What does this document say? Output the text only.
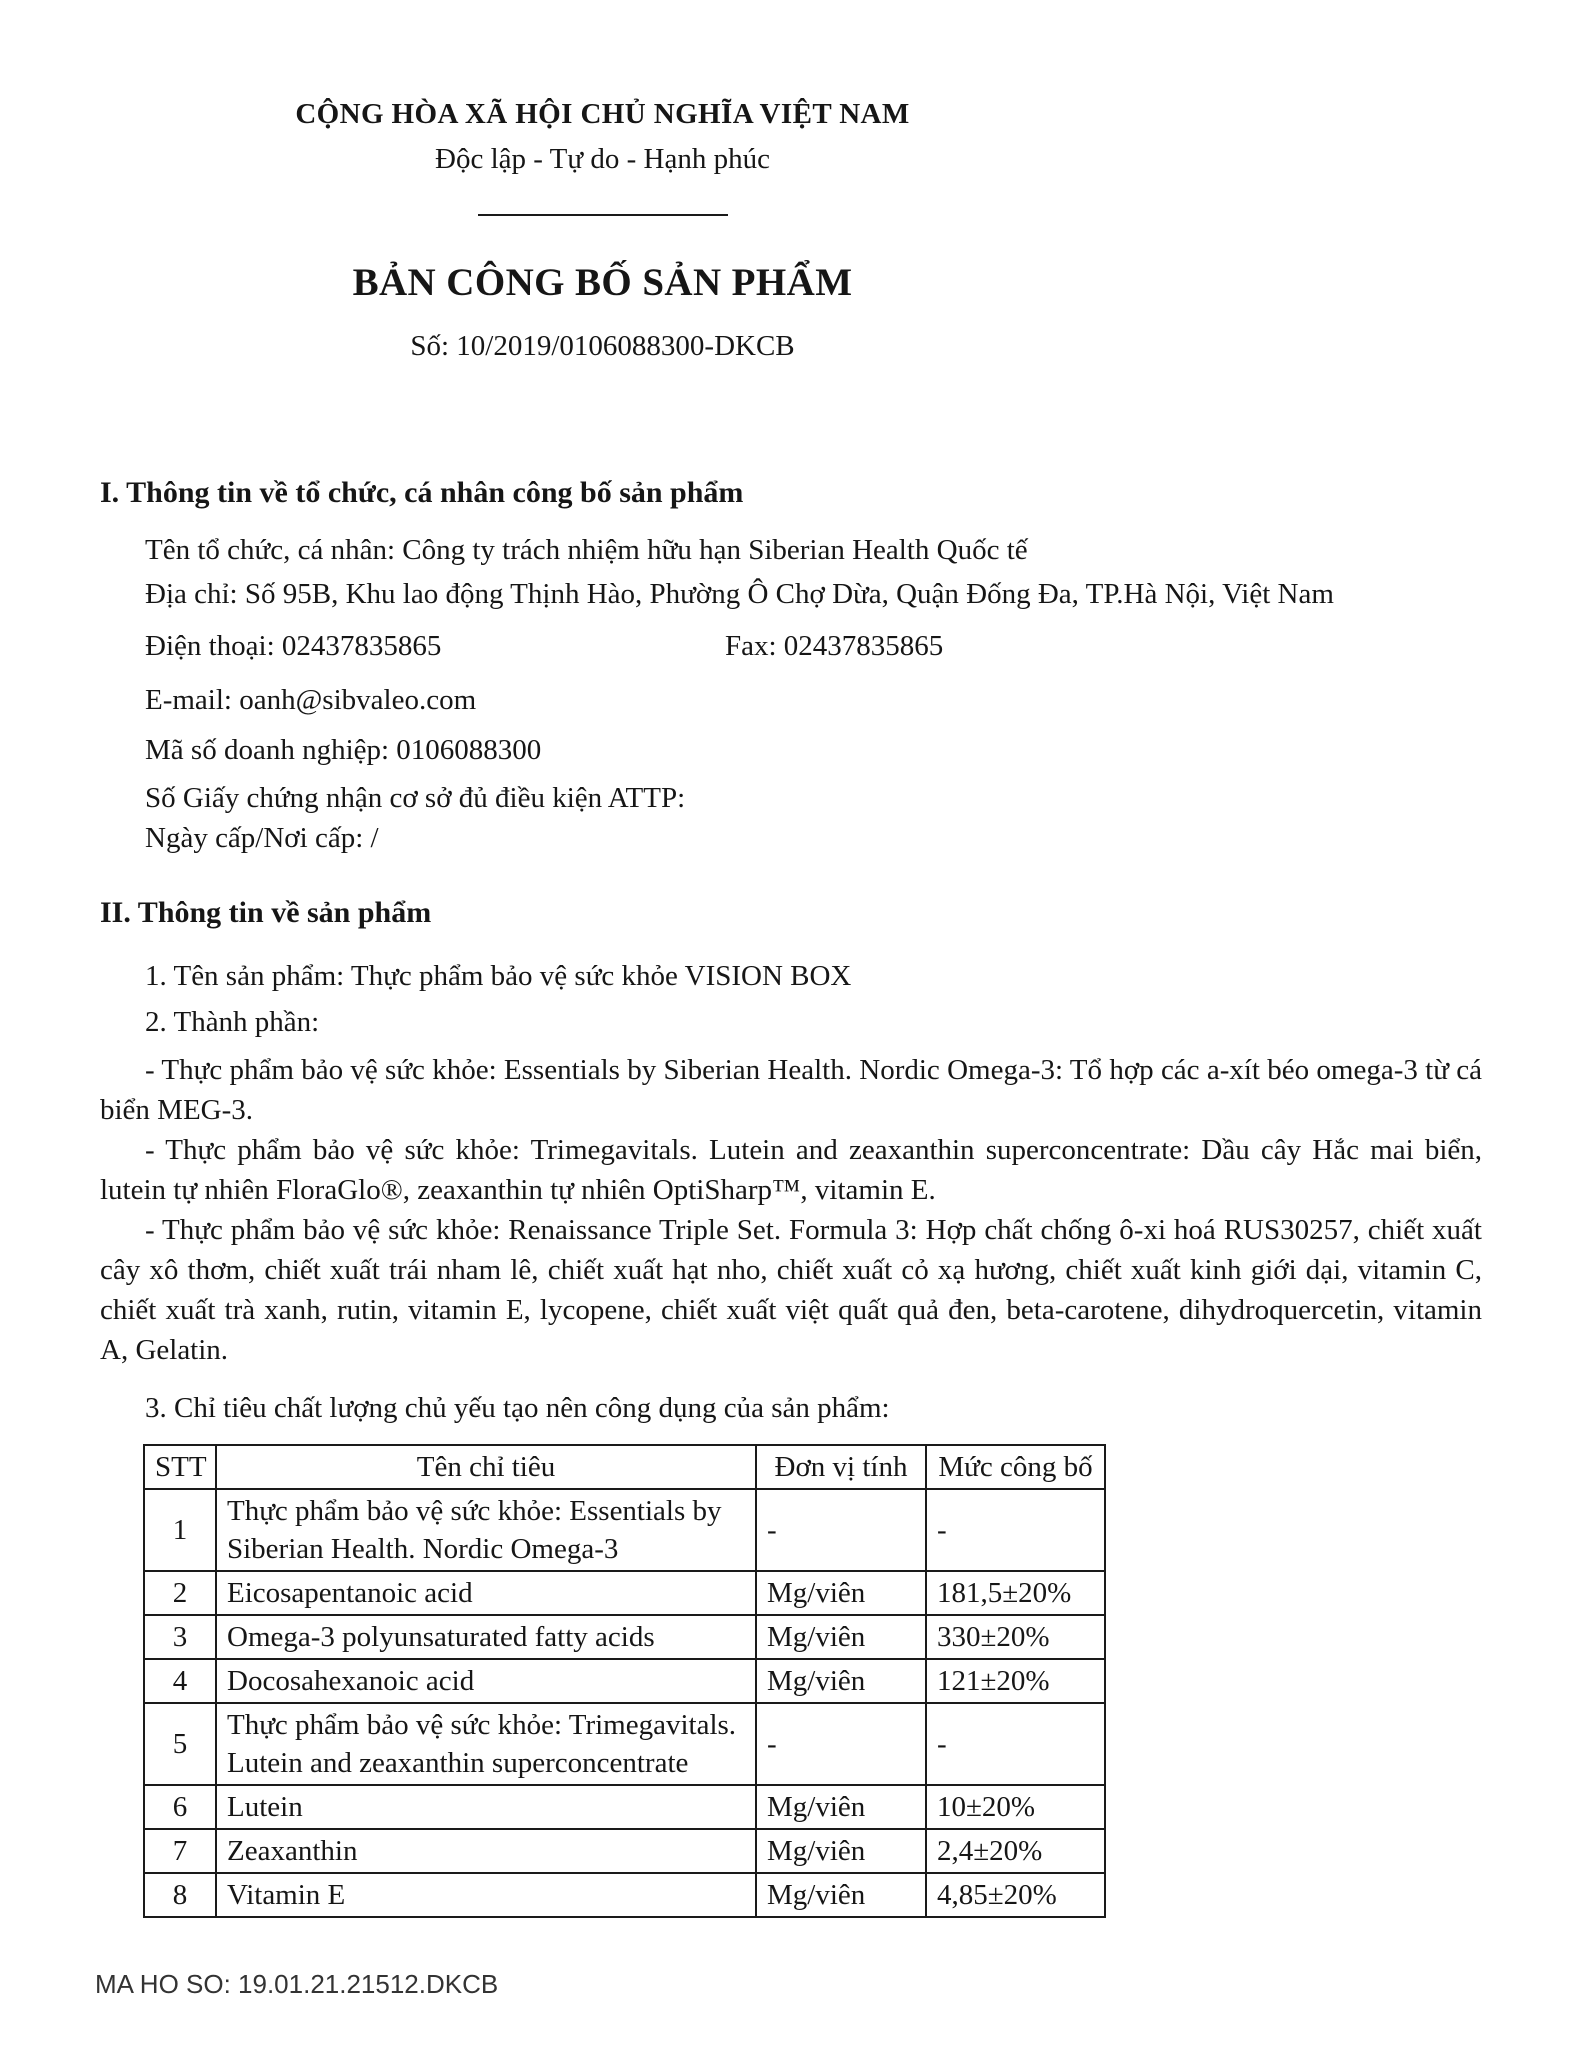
CỘNG HÒA XÃ HỘI CHỦ NGHĨA VIỆT NAM
Độc lập - Tự do - Hạnh phúc
BẢN CÔNG BỐ SẢN PHẨM
Số: 10/2019/0106088300-DKCB
I. Thông tin về tổ chức, cá nhân công bố sản phẩm

Tên tổ chức, cá nhân: Công ty trách nhiệm hữu hạn Siberian Health Quốc tế

Địa chỉ: Số 95B, Khu lao động Thịnh Hào, Phường Ô Chợ Dừa, Quận Đống Đa, TP.Hà Nội, Việt Nam

Điện thoại: 02437835865	Fax: 02437835865

E-mail: oanh@sibvaleo.com

Mã số doanh nghiệp: 0106088300

Số Giấy chứng nhận cơ sở đủ điều kiện ATTP:

Ngày cấp/Nơi cấp: /

II. Thông tin về sản phẩm

1. Tên sản phẩm: Thực phẩm bảo vệ sức khỏe VISION BOX

2. Thành phần:

- Thực phẩm bảo vệ sức khỏe: Essentials by Siberian Health. Nordic Omega-3: Tổ hợp các a-xít béo omega-3 từ cá biển MEG-3.

- Thực phẩm bảo vệ sức khỏe: Trimegavitals. Lutein and zeaxanthin superconcentrate: Dầu cây Hắc mai biển, lutein tự nhiên FloraGlo®, zeaxanthin tự nhiên OptiSharp™, vitamin E.

- Thực phẩm bảo vệ sức khỏe: Renaissance Triple Set. Formula 3: Hợp chất chống ô-xi hoá RUS30257, chiết xuất cây xô thơm, chiết xuất trái nham lê, chiết xuất hạt nho, chiết xuất cỏ xạ hương, chiết xuất kinh giới dại, vitamin C, chiết xuất trà xanh, rutin, vitamin E, lycopene, chiết xuất việt quất quả đen, beta-carotene, dihydroquercetin, vitamin A, Gelatin.

3. Chỉ tiêu chất lượng chủ yếu tạo nên công dụng của sản phẩm:

STT	Tên chỉ tiêu	Đơn vị tính	Mức công bố
1	Thực phẩm bảo vệ sức khỏe: Essentials by Siberian Health. Nordic Omega-3	-	-
2	Eicosapentanoic acid	Mg/viên	181,5±20%
3	Omega-3 polyunsaturated fatty acids	Mg/viên	330±20%
4	Docosahexanoic acid	Mg/viên	121±20%
5	Thực phẩm bảo vệ sức khỏe: Trimegavitals. Lutein and zeaxanthin superconcentrate	-	-
6	Lutein	Mg/viên	10±20%
7	Zeaxanthin	Mg/viên	2,4±20%
8	Vitamin E	Mg/viên	4,85±20%
MA HO SO: 19.01.21.21512.DKCB
